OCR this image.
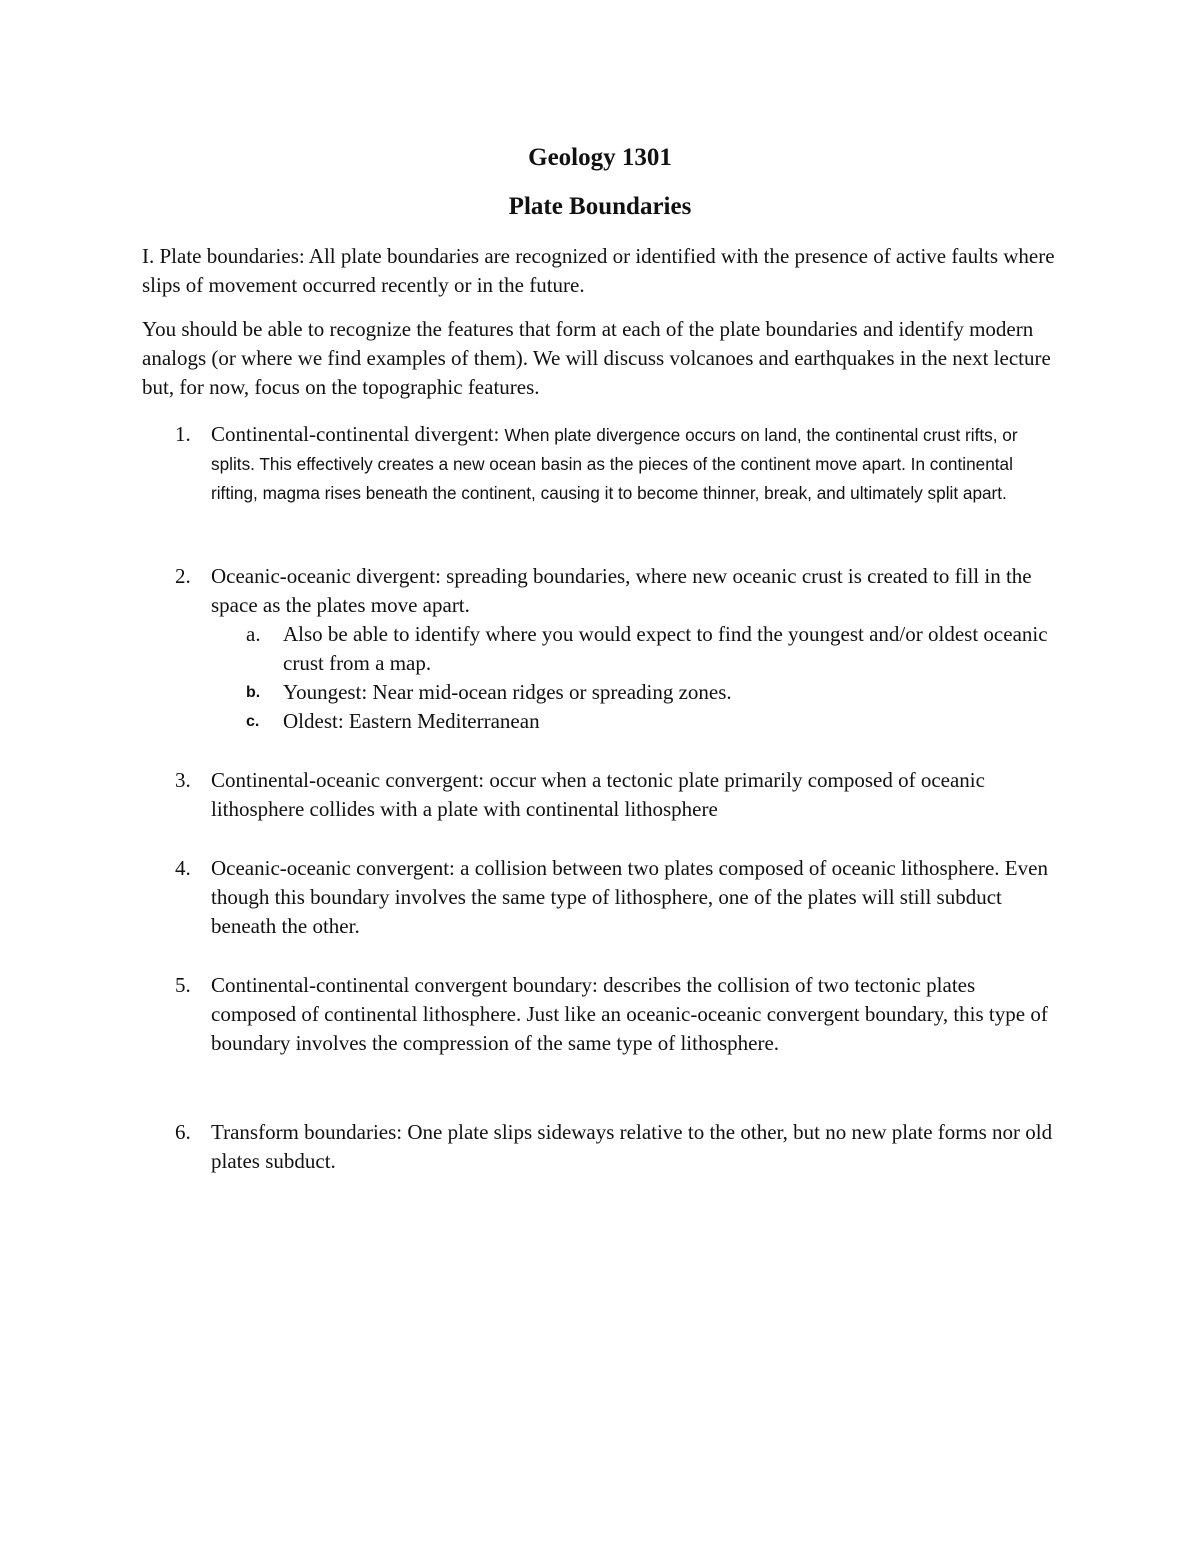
Geology 1301
Plate Boundaries

I. Plate boundaries: All plate boundaries are recognized or identified with the presence of active faults where slips of movement occurred recently or in the future.

You should be able to recognize the features that form at each of the plate boundaries and identify modern analogs (or where we find examples of them). We will discuss volcanoes and earthquakes in the next lecture but, for now, focus on the topographic features.

1. Continental-continental divergent: When plate divergence occurs on land, the continental crust rifts, or splits. This effectively creates a new ocean basin as the pieces of the continent move apart. In continental rifting, magma rises beneath the continent, causing it to become thinner, break, and ultimately split apart.

2. Oceanic-oceanic divergent: spreading boundaries, where new oceanic crust is created to fill in the space as the plates move apart.

a. Also be able to identify where you would expect to find the youngest and/or oldest oceanic crust from a map.

b. Youngest: Near mid-ocean ridges or spreading zones.

c. Oldest: Eastern Mediterranean

3. Continental-oceanic convergent: occur when a tectonic plate primarily composed of oceanic lithosphere collides with a plate with continental lithosphere

4. Oceanic-oceanic convergent: a collision between two plates composed of oceanic lithosphere. Even though this boundary involves the same type of lithosphere, one of the plates will still subduct beneath the other.

5. Continental-continental convergent boundary: describes the collision of two tectonic plates composed of continental lithosphere. Just like an oceanic-oceanic convergent boundary, this type of boundary involves the compression of the same type of lithosphere.

6. Transform boundaries: One plate slips sideways relative to the other, but no new plate forms nor old plates subduct.
